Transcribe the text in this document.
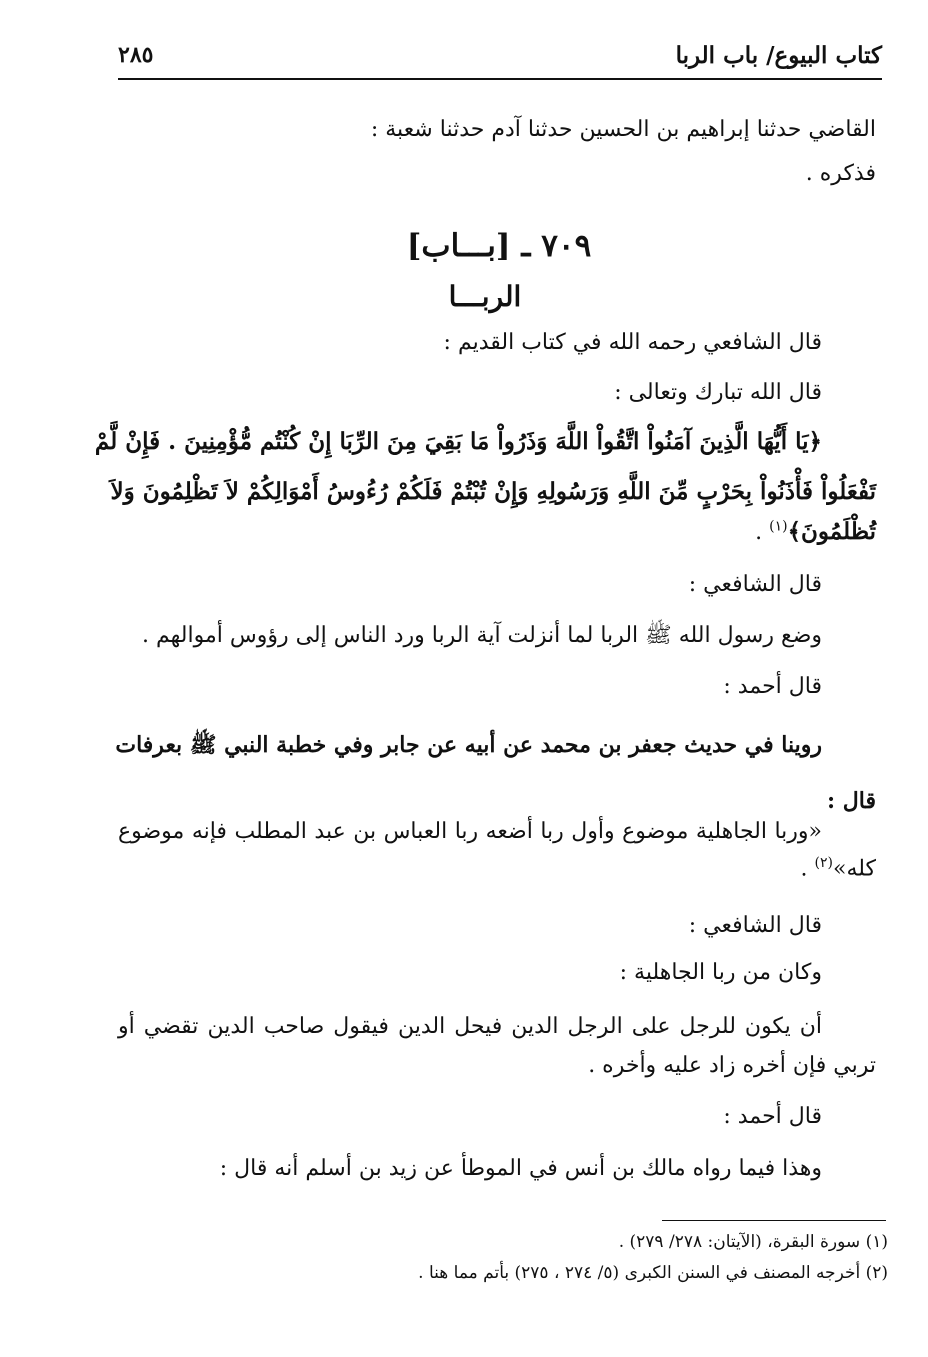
كتاب البيوع/ باب الربا
٢٨٥
القاضي حدثنا إبراهيم بن الحسين حدثنا آدم حدثنا شعبة :
فذكره .
٧٠٩ ـ [بـــاب]
الربـــا
قال الشافعي رحمه الله في كتاب القديم :
قال الله تبارك وتعالى :
﴿يَا أَيُّهَا الَّذِينَ آمَنُواْ اتَّقُواْ اللَّهَ وَذَرُواْ مَا بَقِيَ مِنَ الرِّبَا إِنْ كُنْتُم مُّؤْمِنِينَ . فَإِنْ لَّمْ
تَفْعَلُواْ فَأْذَنُواْ بِحَرْبٍ مِّنَ اللَّهِ وَرَسُولِهِ وَإِنْ تُبْتُمْ فَلَكُمْ رُءُوسُ أَمْوَالِكُمْ لاَ تَظْلِمُونَ وَلاَ
تُظْلَمُونَ﴾$^{(١)}$ .
قال الشافعي :
وضع رسول الله ﷺ الربا لما أنزلت آية الربا ورد الناس إلى رؤوس أموالهم .
قال أحمد :
روينا في حديث جعفر بن محمد عن أبيه عن جابر وفي خطبة النبي ﷺ بعرفات
قال :
«وربا الجاهلية موضوع وأول ربا أضعه ربا العباس بن عبد المطلب فإنه موضوع
كله»$^{(٢)}$ .
قال الشافعي :
وكان من ربا الجاهلية :
أن يكون للرجل على الرجل الدين فيحل الدين فيقول صاحب الدين تقضي أو
تربي فإن أخره زاد عليه وأخره .
قال أحمد :
وهذا فيما رواه مالك بن أنس في الموطأ عن زيد بن أسلم أنه قال :
(١) سورة البقرة، (الآيتان: ٢٧٨/ ٢٧٩) .
(٢) أخرجه المصنف في السنن الكبرى (٥/ ٢٧٤ ، ٢٧٥) بأتم مما هنا .
